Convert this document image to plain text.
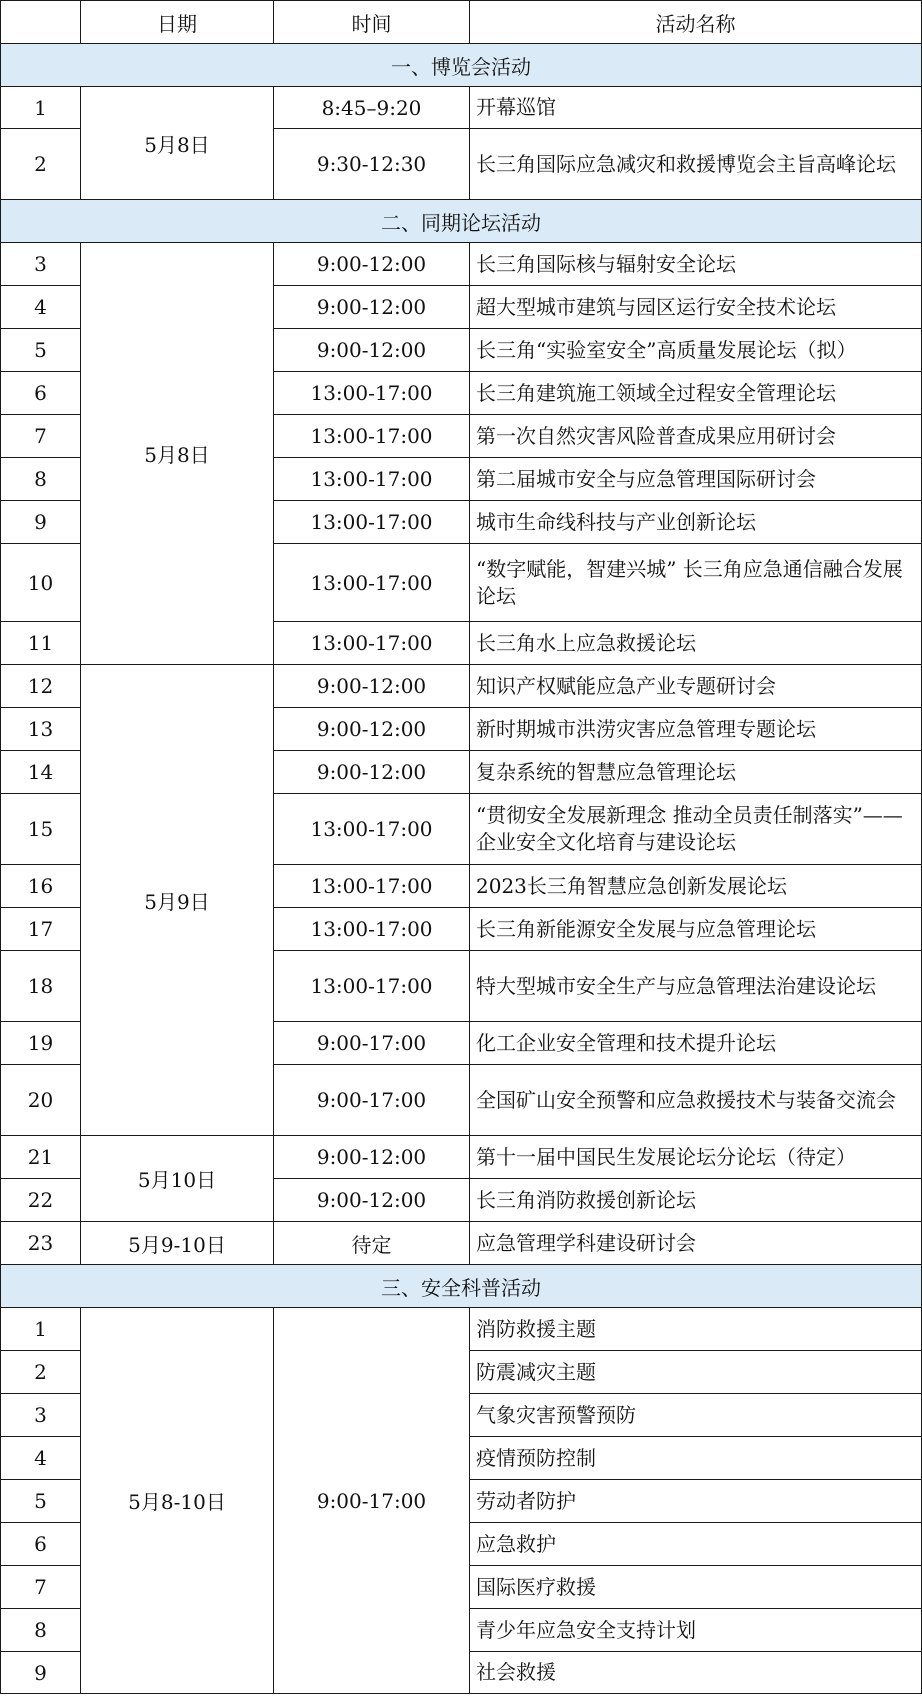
	日期	时间	活动名称
一、博览会活动			
1	5月8日	8:45–9:20	开幕巡馆
2		9:30-12:30	长三角国际应急减灾和救援博览会主旨高峰论坛
二、同期论坛活动			
3	5月8日	9:00-12:00	长三角国际核与辐射安全论坛
4		9:00-12:00	超大型城市建筑与园区运行安全技术论坛
5		9:00-12:00	长三角“实验室安全”高质量发展论坛（拟）
6		13:00-17:00	长三角建筑施工领域全过程安全管理论坛
7		13:00-17:00	第一次自然灾害风险普查成果应用研讨会
8		13:00-17:00	第二届城市安全与应急管理国际研讨会
9		13:00-17:00	城市生命线科技与产业创新论坛
10		13:00-17:00	“数字赋能，智建兴城” 长三角应急通信融合发展论坛
11		13:00-17:00	长三角水上应急救援论坛
12	5月9日	9:00-12:00	知识产权赋能应急产业专题研讨会
13		9:00-12:00	新时期城市洪涝灾害应急管理专题论坛
14		9:00-12:00	复杂系统的智慧应急管理论坛
15		13:00-17:00	“贯彻安全发展新理念 推动全员责任制落实”——企业安全文化培育与建设论坛
16		13:00-17:00	2023长三角智慧应急创新发展论坛
17		13:00-17:00	长三角新能源安全发展与应急管理论坛
18		13:00-17:00	特大型城市安全生产与应急管理法治建设论坛
19		9:00-17:00	化工企业安全管理和技术提升论坛
20		9:00-17:00	全国矿山安全预警和应急救援技术与装备交流会
21	5月10日	9:00-12:00	第十一届中国民生发展论坛分论坛（待定）
22		9:00-12:00	长三角消防救援创新论坛
23	5月9-10日	待定	应急管理学科建设研讨会
三、安全科普活动			
1	5月8-10日	9:00-17:00	消防救援主题
2			防震减灾主题
3			气象灾害预警预防
4			疫情预防控制
5			劳动者防护
6			应急救护
7			国际医疗救援
8			青少年应急安全支持计划
9			社会救援
